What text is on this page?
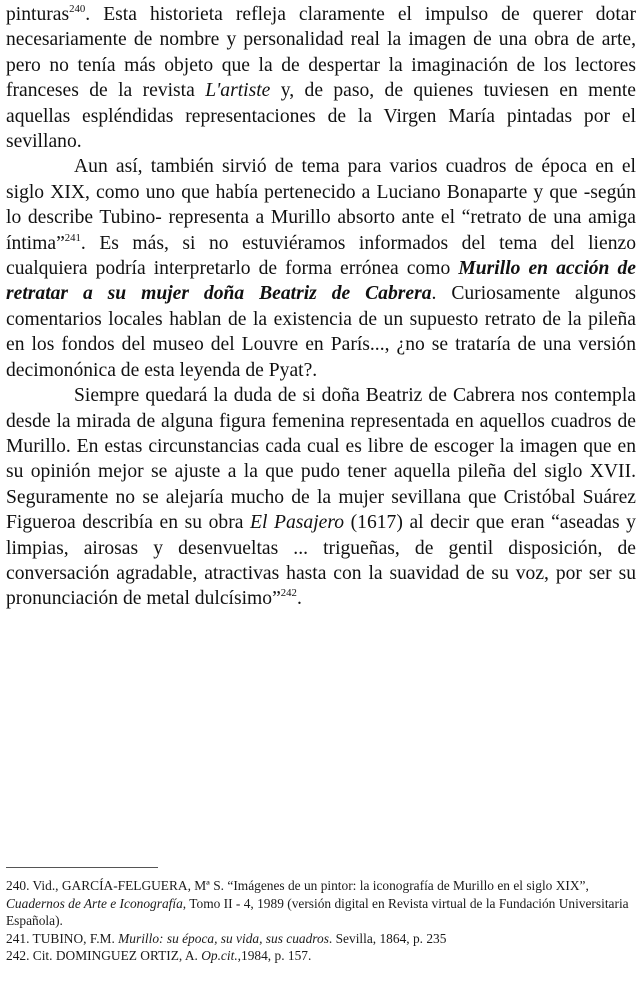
pinturas$^{240}$. Esta historieta refleja claramente el impulso de querer dotar necesariamente de nombre y personalidad real la imagen de una obra de arte, pero no tenía más objeto que la de despertar la imaginación de los lectores franceses de la revista L'artiste y, de paso, de quienes tuviesen en mente aquellas espléndidas representaciones de la Virgen María pintadas por el sevillano.

Aun así, también sirvió de tema para varios cuadros de época en el siglo XIX, como uno que había pertenecido a Luciano Bonaparte y que -según lo describe Tubino- representa a Murillo absorto ante el “retrato de una amiga íntima”$^{241}$. Es más, si no estuviéramos informados del tema del lienzo cualquiera podría interpretarlo de forma errónea como Murillo en acción de retratar a su mujer doña Beatriz de Cabrera. Curiosamente algunos comentarios locales hablan de la existencia de un supuesto retrato de la pileña en los fondos del museo del Louvre en París..., ¿no se trataría de una versión decimonónica de esta leyenda de Pyat?.

Siempre quedará la duda de si doña Beatriz de Cabrera nos contempla desde la mirada de alguna figura femenina representada en aquellos cuadros de Murillo. En estas circunstancias cada cual es libre de escoger la imagen que en su opinión mejor se ajuste a la que pudo tener aquella pileña del siglo XVII. Seguramente no se alejaría mucho de la mujer sevillana que Cristóbal Suárez Figueroa describía en su obra El Pasajero (1617) al decir que eran “aseadas y limpias, airosas y desenvueltas ... trigueñas, de gentil disposición, de conversación agradable, atractivas hasta con la suavidad de su voz, por ser su pronunciación de metal dulcísimo”$^{242}$.

240. Vid., GARCÍA-FELGUERA, Mª S. “Imágenes de un pintor: la iconografía de Murillo en el siglo XIX”, Cuadernos de Arte e Iconografía, Tomo II - 4, 1989 (versión digital en Revista virtual de la Fundación Universitaria Española).

241. TUBINO, F.M. Murillo: su época, su vida, sus cuadros. Sevilla, 1864, p. 235

242. Cit. DOMINGUEZ ORTIZ, A. Op.cit.,1984, p. 157.
